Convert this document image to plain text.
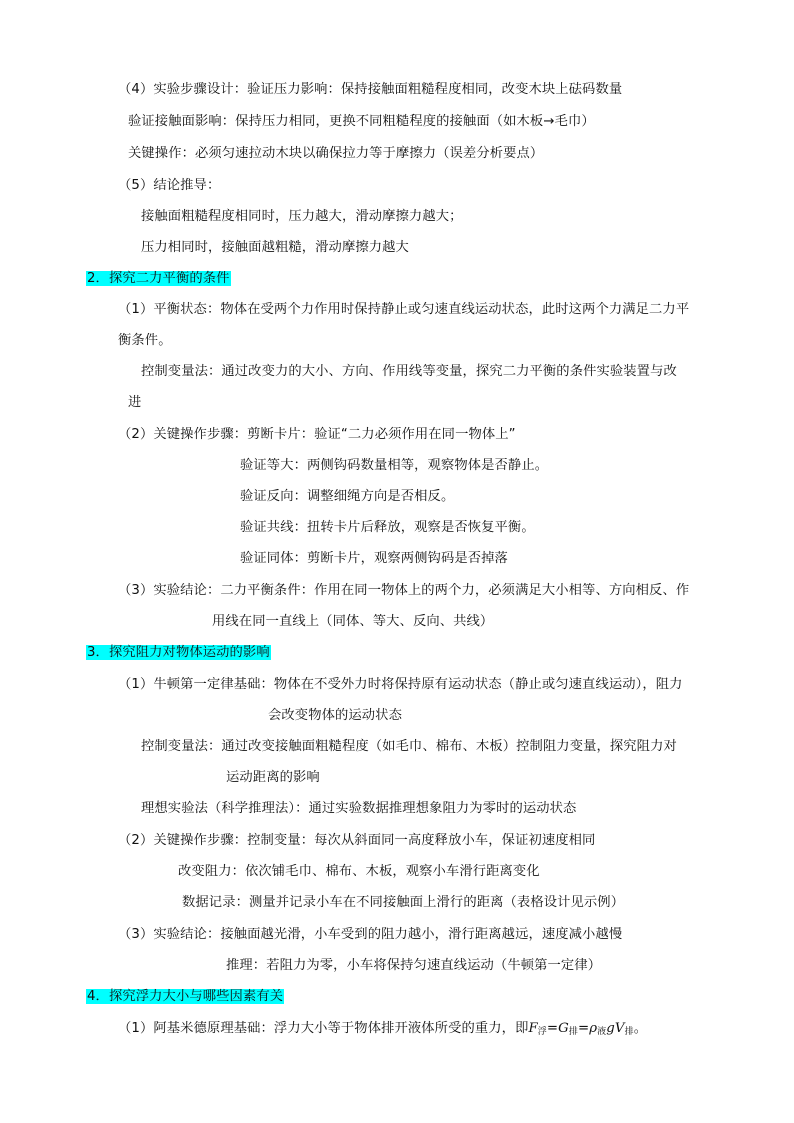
（4）实验步骤设计：验证压力影响：保持接触面粗糙程度相同，改变木块上砝码数量
验证接触面影响：保持压力相同，更换不同粗糙程度的接触面（如木板→毛巾）
关键操作：必须匀速拉动木块以确保拉力等于摩擦力（误差分析要点）
（5）结论推导：
接触面粗糙程度相同时，压力越大，滑动摩擦力越大；
压力相同时，接触面越粗糙，滑动摩擦力越大
2．探究二力平衡的条件
（1）平衡状态：物体在受两个力作用时保持静止或匀速直线运动状态，此时这两个力满足二力平
衡条件。
控制变量法：通过改变力的大小、方向、作用线等变量，探究二力平衡的条件实验装置与改
进
（2）关键操作步骤：剪断卡片：验证“二力必须作用在同一物体上”
验证等大：两侧钩码数量相等，观察物体是否静止。
验证反向：调整细绳方向是否相反。
验证共线：扭转卡片后释放，观察是否恢复平衡。
验证同体：剪断卡片，观察两侧钩码是否掉落
（3）实验结论：二力平衡条件：作用在同一物体上的两个力，必须满足大小相等、方向相反、作
用线在同一直线上（同体、等大、反向、共线）
3．探究阻力对物体运动的影响
（1）牛顿第一定律基础：物体在不受外力时将保持原有运动状态（静止或匀速直线运动），阻力
会改变物体的运动状态
控制变量法：通过改变接触面粗糙程度（如毛巾、棉布、木板）控制阻力变量，探究阻力对
运动距离的影响
理想实验法（科学推理法）：通过实验数据推理想象阻力为零时的运动状态
（2）关键操作步骤：控制变量：每次从斜面同一高度释放小车，保证初速度相同
改变阻力：依次铺毛巾、棉布、木板，观察小车滑行距离变化
数据记录：测量并记录小车在不同接触面上滑行的距离（表格设计见示例）
（3）实验结论：接触面越光滑，小车受到的阻力越小，滑行距离越远，速度减小越慢
推理：若阻力为零，小车将保持匀速直线运动（牛顿第一定律）
4．探究浮力大小与哪些因素有关
（1）阿基米德原理基础：浮力大小等于物体排开液体所受的重力，即$F_浮=G_排=\rho_液gV_排$。
